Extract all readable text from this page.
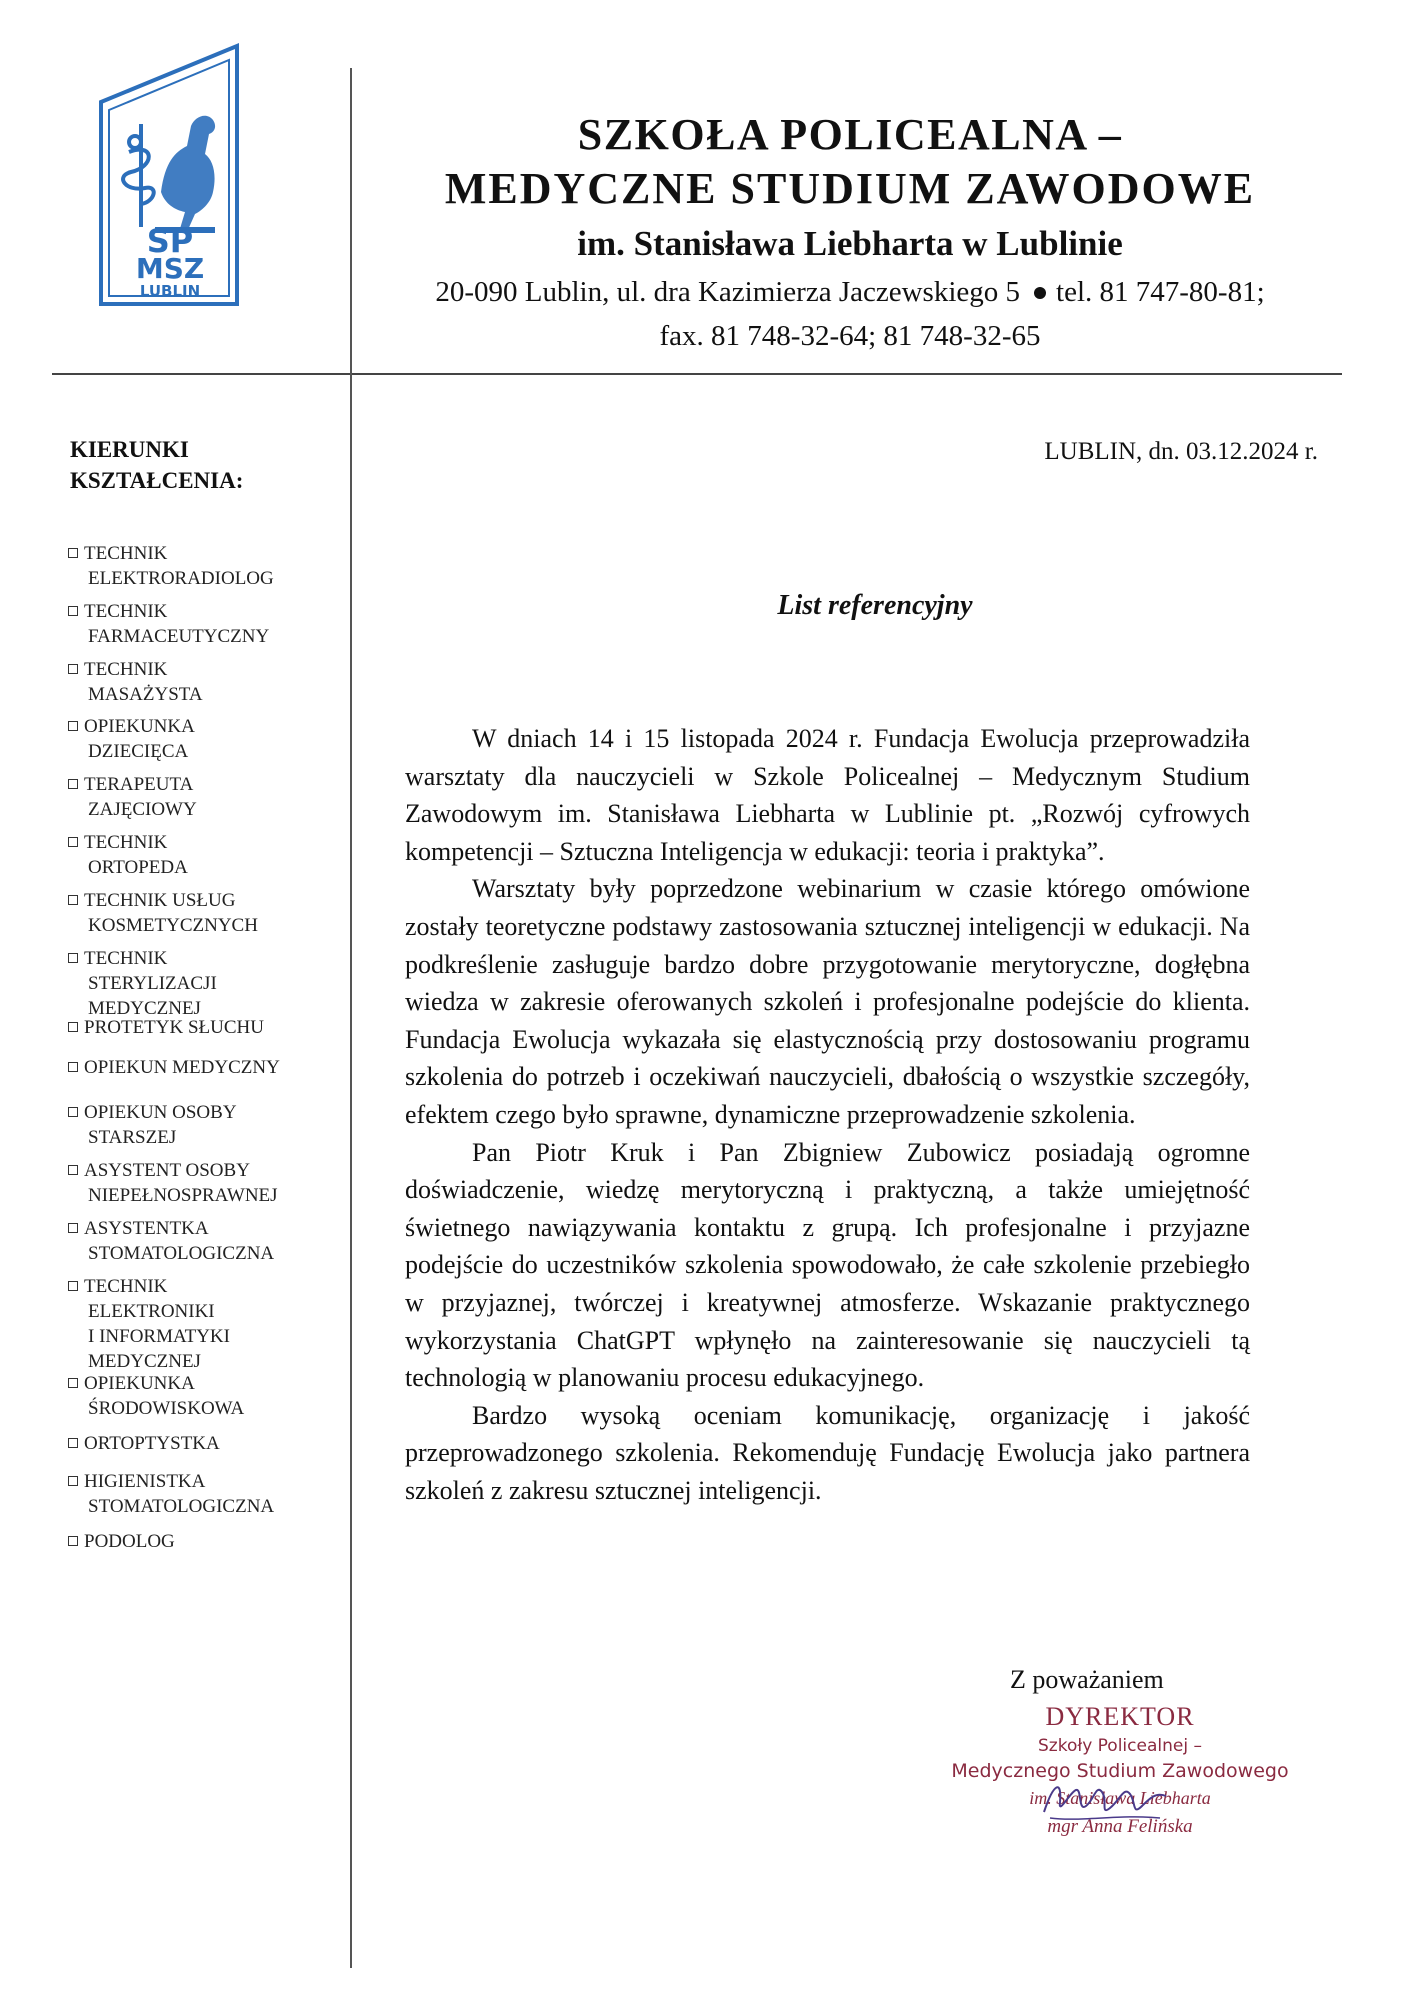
SP
MSZ
LUBLIN
SZKOŁA POLICEALNA –
MEDYCZNE STUDIUM ZAWODOWE
im. Stanisława Liebharta w Lublinie
20-090 Lublin, ul. dra Kazimierza Jaczewskiego 5 tel. 81 747-80-81;
fax. 81 748-32-64; 81 748-32-65
KIERUNKI
KSZTAŁCENIA:
TECHNIK
ELEKTRORADIOLOG
TECHNIK
FARMACEUTYCZNY
TECHNIK
MASAŻYSTA
OPIEKUNKA
DZIECIĘCA
TERAPEUTA
ZAJĘCIOWY
TECHNIK
ORTOPEDA
TECHNIK USŁUG
KOSMETYCZNYCH
TECHNIK
STERYLIZACJI
MEDYCZNEJ
PROTETYK SŁUCHU
OPIEKUN MEDYCZNY
OPIEKUN OSOBY
STARSZEJ
ASYSTENT OSOBY
NIEPEŁNOSPRAWNEJ
ASYSTENTKA
STOMATOLOGICZNA
TECHNIK
ELEKTRONIKI
I INFORMATYKI
MEDYCZNEJ
OPIEKUNKA
ŚRODOWISKOWA
ORTOPTYSTKA
HIGIENISTKA
STOMATOLOGICZNA
PODOLOG
LUBLIN, dn. 03.12.2024 r.
List referencyjny

W dniach 14 i 15 listopada 2024 r. Fundacja Ewolucja przeprowadziła warsztaty dla nauczycieli w Szkole Policealnej – Medycznym Studium Zawodowym im. Stanisława Liebharta w Lublinie pt. „Rozwój cyfrowych kompetencji – Sztuczna Inteligencja w edukacji: teoria i praktyka”.

Warsztaty były poprzedzone webinarium w czasie którego omówione zostały teoretyczne podstawy zastosowania sztucznej inteligencji w edukacji. Na podkreślenie zasługuje bardzo dobre przygotowanie merytoryczne, dogłębna wiedza w zakresie oferowanych szkoleń i profesjonalne podejście do klienta. Fundacja Ewolucja wykazała się elastycznością przy dostosowaniu programu szkolenia do potrzeb i oczekiwań nauczycieli, dbałością o wszystkie szczegóły, efektem czego było sprawne, dynamiczne przeprowadzenie szkolenia.

Pan Piotr Kruk i Pan Zbigniew Zubowicz posiadają ogromne doświadczenie, wiedzę merytoryczną i praktyczną, a także umiejętność świetnego nawiązywania kontaktu z grupą. Ich profesjonalne i przyjazne podejście do uczestników szkolenia spowodowało, że całe szkolenie przebiegło w przyjaznej, twórczej i kreatywnej atmosferze. Wskazanie praktycznego wykorzystania ChatGPT wpłynęło na zainteresowanie się nauczycieli tą technologią w planowaniu procesu edukacyjnego.

Bardzo wysoką oceniam komunikację, organizację i jakość przeprowadzonego szkolenia. Rekomenduję Fundację Ewolucja jako partnera szkoleń z zakresu sztucznej inteligencji.

Z poważaniem
DYREKTOR
Szkoły Policealnej –
Medycznego Studium Zawodowego
im. Stanisława Liebharta
mgr Anna Felińska
